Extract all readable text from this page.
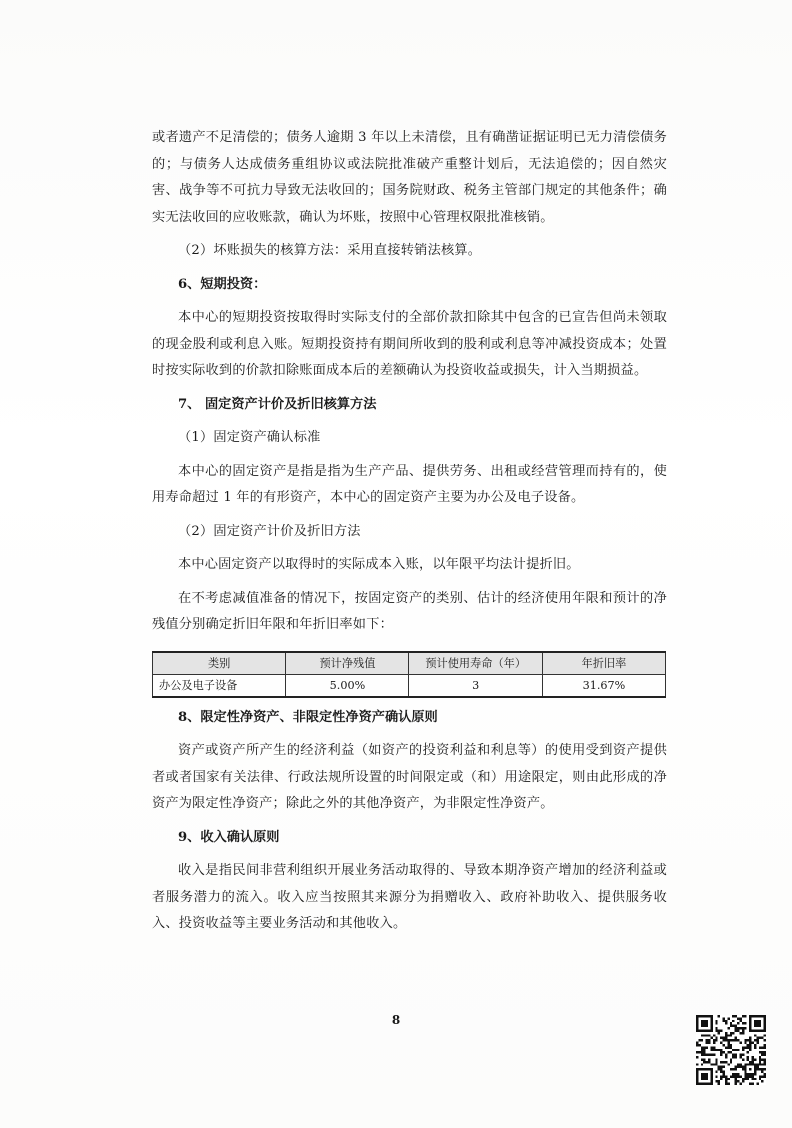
或者遗产不足清偿的；债务人逾期 3 年以上未清偿，且有确凿证据证明已无力清偿债务的；与债务人达成债务重组协议或法院批准破产重整计划后，无法追偿的；因自然灾害、战争等不可抗力导致无法收回的；国务院财政、税务主管部门规定的其他条件；确实无法收回的应收账款，确认为坏账，按照中心管理权限批准核销。

（2）坏账损失的核算方法：采用直接转销法核算。

6、短期投资：

本中心的短期投资按取得时实际支付的全部价款扣除其中包含的已宣告但尚未领取的现金股利或利息入账。短期投资持有期间所收到的股利或利息等冲减投资成本；处置时按实际收到的价款扣除账面成本后的差额确认为投资收益或损失，计入当期损益。

7、 固定资产计价及折旧核算方法

（1）固定资产确认标准

本中心的固定资产是指是指为生产产品、提供劳务、出租或经营管理而持有的，使用寿命超过 1 年的有形资产，本中心的固定资产主要为办公及电子设备。

（2）固定资产计价及折旧方法

本中心固定资产以取得时的实际成本入账，以年限平均法计提折旧。

在不考虑减值准备的情况下，按固定资产的类别、估计的经济使用年限和预计的净残值分别确定折旧年限和年折旧率如下：

类别	预计净残值	预计使用寿命（年）	年折旧率
办公及电子设备	5.00%	3	31.67%
8、限定性净资产、非限定性净资产确认原则

资产或资产所产生的经济利益（如资产的投资利益和利息等）的使用受到资产提供者或者国家有关法律、行政法规所设置的时间限定或（和）用途限定，则由此形成的净资产为限定性净资产；除此之外的其他净资产，为非限定性净资产。

9、收入确认原则

收入是指民间非营利组织开展业务活动取得的、导致本期净资产增加的经济利益或者服务潜力的流入。收入应当按照其来源分为捐赠收入、政府补助收入、提供服务收入、投资收益等主要业务活动和其他收入。

8
